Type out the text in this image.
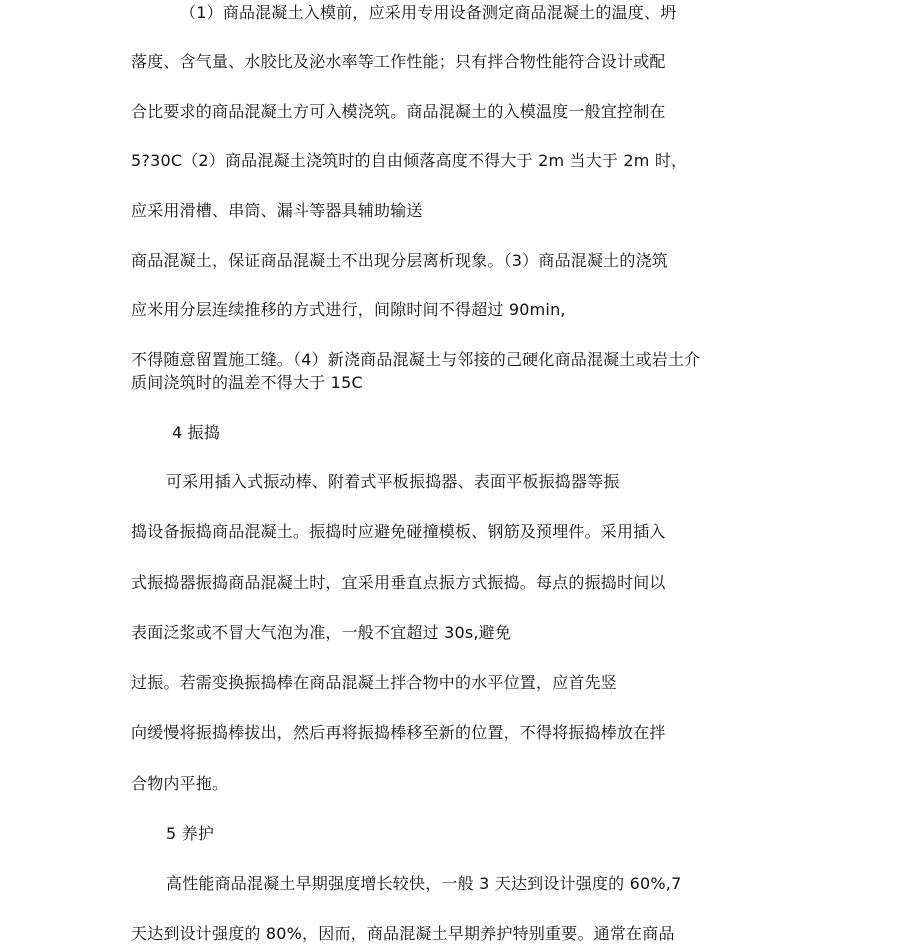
（1）商品混凝土入模前，应采用专用设备测定商品混凝土的温度、坍
落度、含气量、水胶比及泌水率等工作性能；只有拌合物性能符合设计或配
合比要求的商品混凝土方可入模浇筑。商品混凝土的入模温度一般宜控制在
5?30C（2）商品混凝土浇筑时的自由倾落高度不得大于 2m 当大于 2m 时，
应采用滑槽、串筒、漏斗等器具辅助输送
商品混凝土，保证商品混凝土不出现分层离析现象。（3）商品混凝土的浇筑
应米用分层连续推移的方式进行，间隙时间不得超过 90min,
不得随意留置施工缝。（4）新浇商品混凝土与邻接的己硬化商品混凝土或岩土介
质间浇筑时的温差不得大于 15C
4 振捣
可采用插入式振动棒、附着式平板振捣器、表面平板振捣器等振
捣设备振捣商品混凝土。振捣时应避免碰撞模板、钢筋及预埋件。采用插入
式振捣器振捣商品混凝土时，宜采用垂直点振方式振捣。每点的振捣时间以
表面泛浆或不冒大气泡为准，一般不宜超过 30s,避免
过振。若需变换振捣棒在商品混凝土拌合物中的水平位置，应首先竖
向缓慢将振捣棒拔出，然后再将振捣棒移至新的位置，不得将振捣棒放在拌
合物内平拖。
5 养护
高性能商品混凝土早期强度增长较快，一般 3 天达到设计强度的 60%,7
天达到设计强度的 80%，因而，商品混凝土早期养护特别重要。通常在商品
